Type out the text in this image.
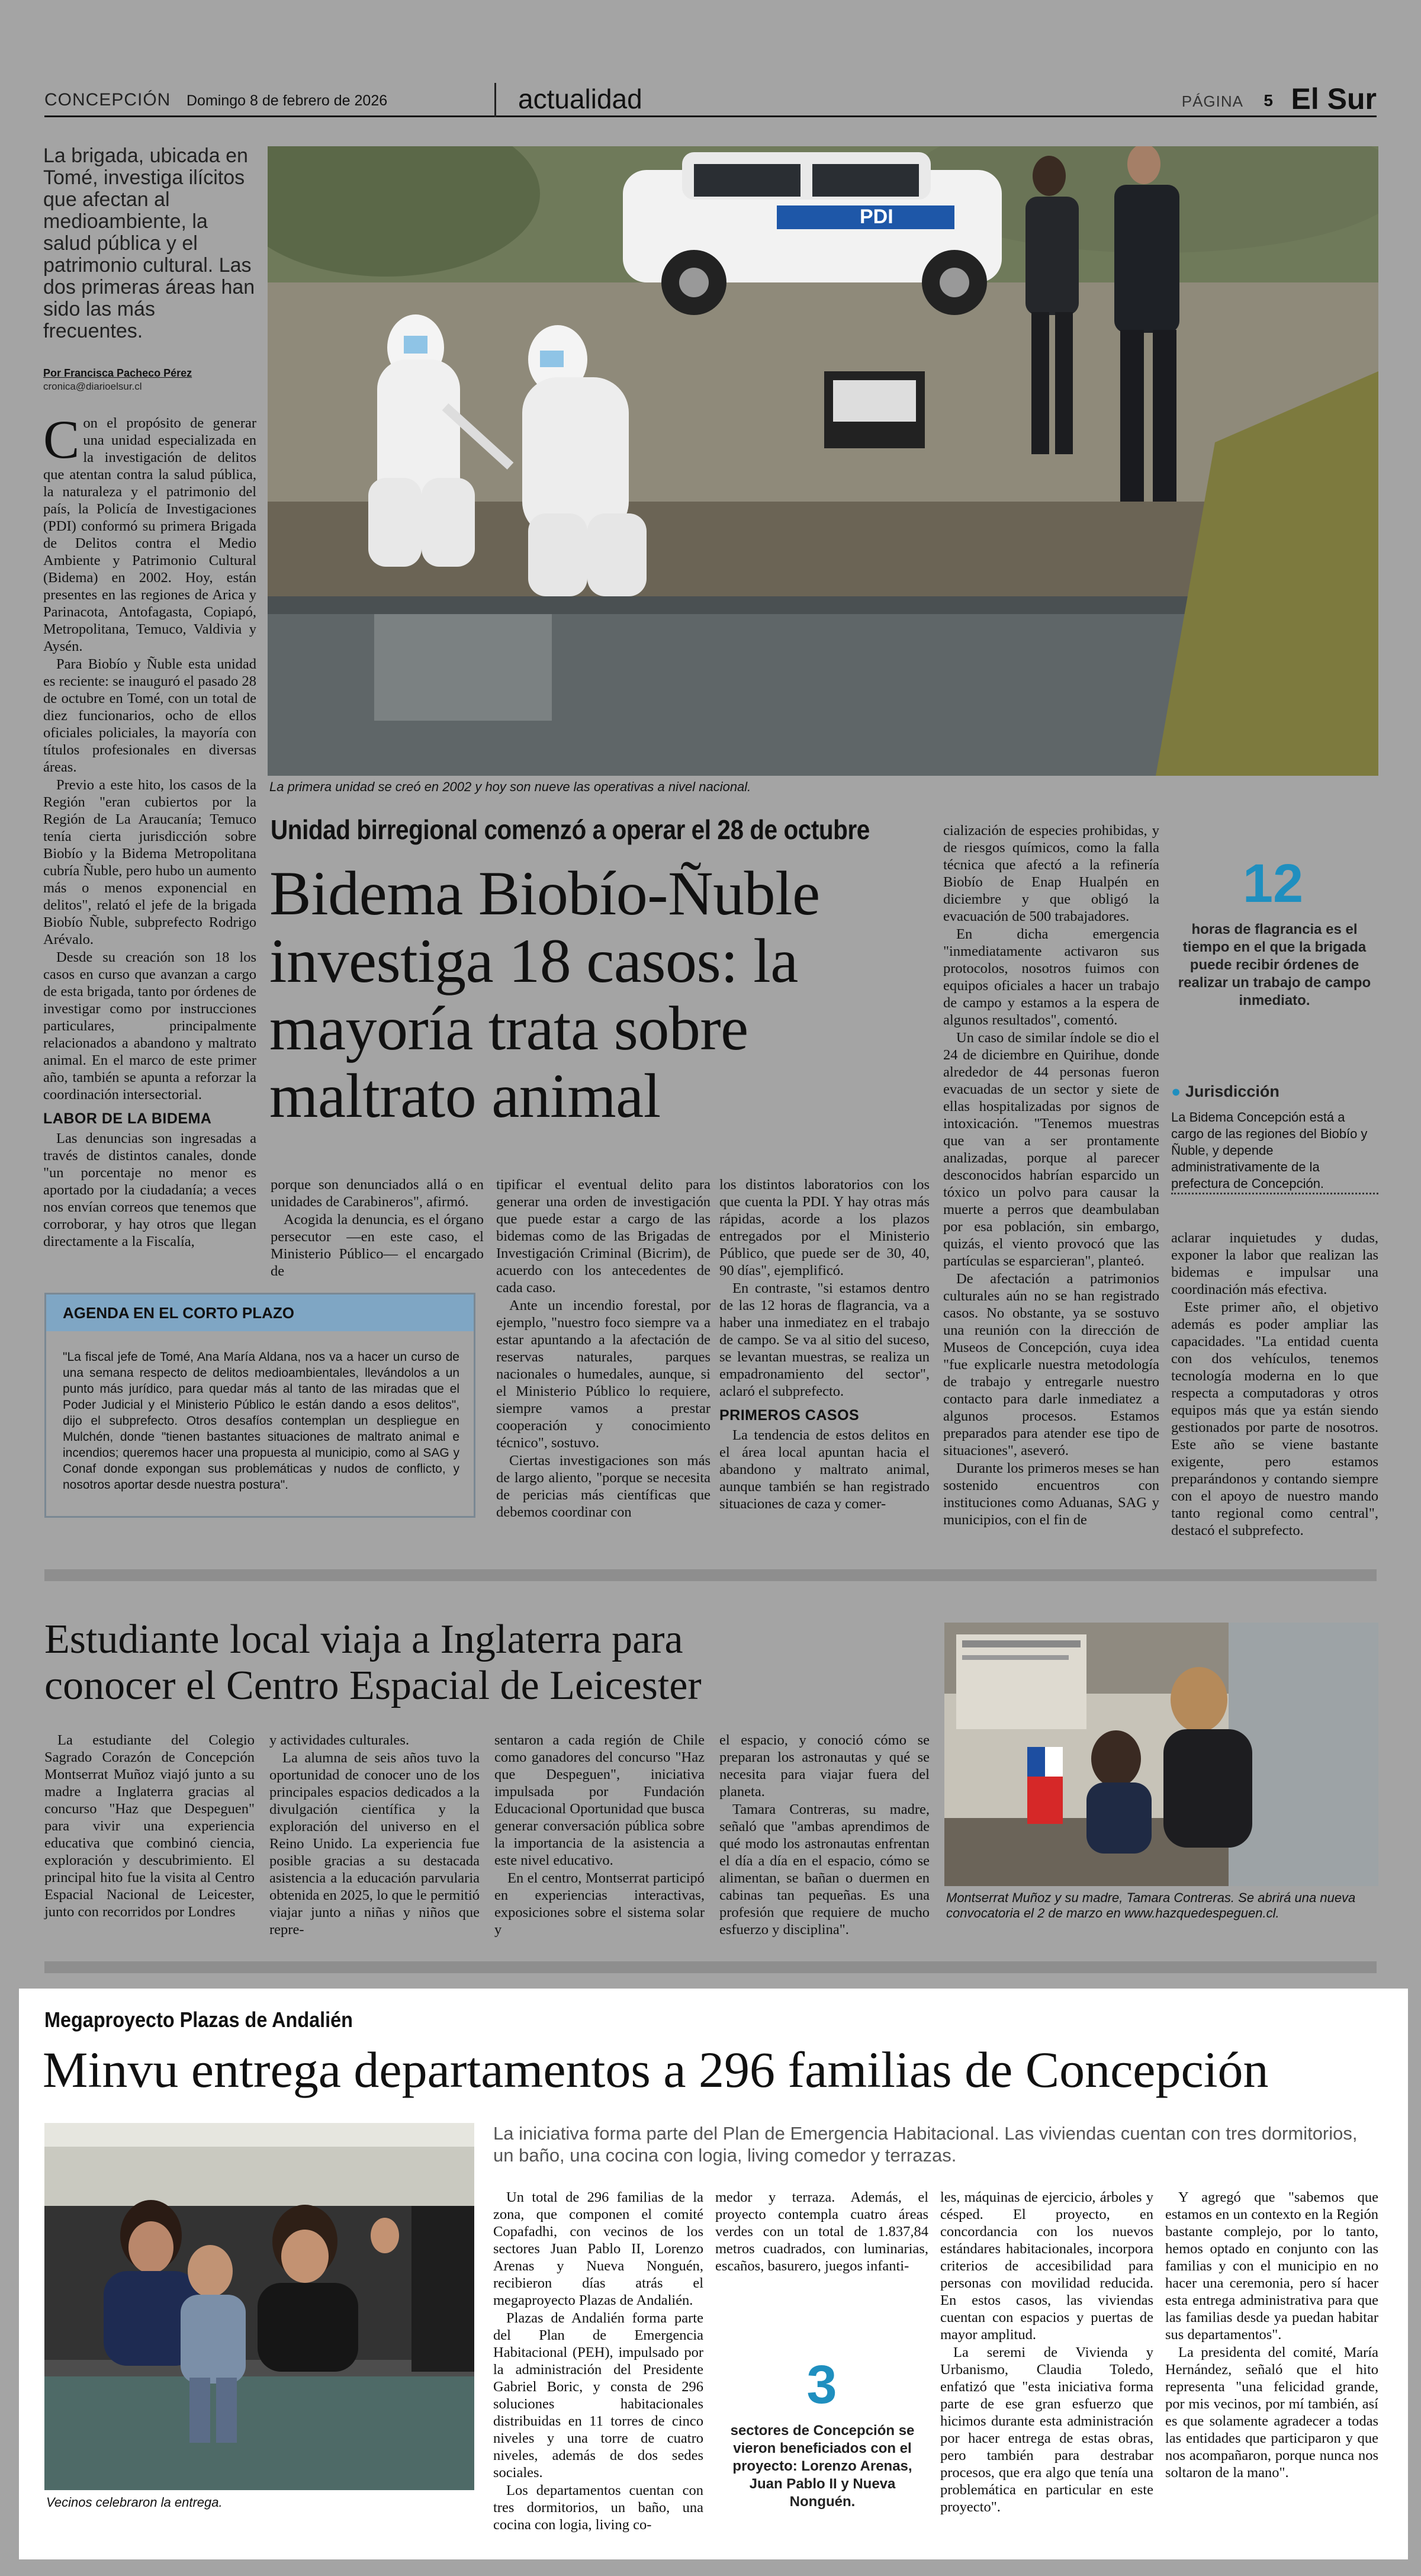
CONCEPCIÓN Domingo 8 de febrero de 2026	actualidad	PÁGINA 5 El Sur
La brigada, ubicada en Tomé, investiga ilícitos que afectan al medioambiente, la salud pública y el patrimonio cultural. Las dos primeras áreas han sido las más frecuentes.
Por Francisca Pacheco Pérez
cronica@diarioelsur.cl
PDI
La primera unidad se creó en 2002 y hoy son nueve las operativas a nivel nacional.

Con el propósito de generar una unidad especializada en la investigación de delitos que atentan contra la salud pública, la naturaleza y el patrimonio del país, la Policía de Investigaciones (PDI) conformó su primera Brigada de Delitos contra el Medio Ambiente y Patrimonio Cultural (Bidema) en 2002. Hoy, están presentes en las regiones de Arica y Parinacota, Antofagasta, Copiapó, Metropolitana, Temuco, Valdivia y Aysén.

Para Biobío y Ñuble esta unidad es reciente: se inauguró el pasado 28 de octubre en Tomé, con un total de diez funcionarios, ocho de ellos oficiales policiales, la mayoría con títulos profesionales en diversas áreas.

Previo a este hito, los casos de la Región "eran cubiertos por la Región de La Araucanía; Temuco tenía cierta jurisdicción sobre Biobío y la Bidema Metropolitana cubría Ñuble, pero hubo un aumento más o menos exponencial en delitos", relató el jefe de la brigada Biobío Ñuble, subprefecto Rodrigo Arévalo.

Desde su creación son 18 los casos en curso que avanzan a cargo de esta brigada, tanto por órdenes de investigar como por instrucciones particulares, principalmente relacionados a abandono y maltrato animal. En el marco de este primer año, también se apunta a reforzar la coordinación intersectorial.

LABOR DE LA BIDEMA

Las denuncias son ingresadas a través de distintos canales, donde "un porcentaje no menor es aportado por la ciudadanía; a veces nos envían correos que tenemos que corroborar, y hay otros que llegan directamente a la Fiscalía,

Unidad birregional comenzó a operar el 28 de octubre
Bidema Biobío-Ñuble investiga 18 casos: la mayoría trata sobre maltrato animal

porque son denunciados allá o en unidades de Carabineros", afirmó.

Acogida la denuncia, es el órgano persecutor —en este caso, el Ministerio Público— el encargado de

tipificar el eventual delito para generar una orden de investigación que puede estar a cargo de las bidemas como de las Brigadas de Investigación Criminal (Bicrim), de acuerdo con los antecedentes de cada caso.

Ante un incendio forestal, por ejemplo, "nuestro foco siempre va a estar apuntando a la afectación de reservas naturales, parques nacionales o humedales, aunque, si el Ministerio Público lo requiere, siempre vamos a prestar cooperación y conocimiento técnico", sostuvo.

Ciertas investigaciones son más de largo aliento, "porque se necesita de pericias más científicas que debemos coordinar con

los distintos laboratorios con los que cuenta la PDI. Y hay otras más rápidas, acorde a los plazos entregados por el Ministerio Público, que puede ser de 30, 40, 90 días", ejemplificó.

En contraste, "si estamos dentro de las 12 horas de flagrancia, va a haber una inmediatez en el trabajo de campo. Se va al sitio del suceso, se levantan muestras, se realiza un empadronamiento del sector", aclaró el subprefecto.

PRIMEROS CASOS

La tendencia de estos delitos en el área local apuntan hacia el abandono y maltrato animal, aunque también se han registrado situaciones de caza y comer-

cialización de especies prohibidas, y de riesgos químicos, como la falla técnica que afectó a la refinería Biobío de Enap Hualpén en diciembre y que obligó la evacuación de 500 trabajadores.

En dicha emergencia "inmediatamente activaron sus protocolos, nosotros fuimos con equipos oficiales a hacer un trabajo de campo y estamos a la espera de algunos resultados", comentó.

Un caso de similar índole se dio el 24 de diciembre en Quirihue, donde alrededor de 44 personas fueron evacuadas de un sector y siete de ellas hospitalizadas por signos de intoxicación. "Tenemos muestras que van a ser prontamente analizadas, porque al parecer desconocidos habrían esparcido un tóxico un polvo para causar la muerte a perros que deambulaban por esa población, sin embargo, quizás, el viento provocó que las partículas se esparcieran", planteó.

De afectación a patrimonios culturales aún no se han registrado casos. No obstante, ya se sostuvo una reunión con la dirección de Museos de Concepción, cuya idea "fue explicarle nuestra metodología de trabajo y entregarle nuestro contacto para darle inmediatez a algunos procesos. Estamos preparados para atender ese tipo de situaciones", aseveró.

Durante los primeros meses se han sostenido encuentros con instituciones como Aduanas, SAG y municipios, con el fin de

12
horas de flagrancia es el tiempo en el que la brigada puede recibir órdenes de realizar un trabajo de campo inmediato.
● Jurisdicción
La Bidema Concepción está a cargo de las regiones del Biobío y Ñuble, y depende administrativamente de la prefectura de Concepción.

aclarar inquietudes y dudas, exponer la labor que realizan las bidemas e impulsar una coordinación más efectiva.

Este primer año, el objetivo además es poder ampliar las capacidades. "La entidad cuenta con dos vehículos, tenemos tecnología moderna en lo que respecta a computadoras y otros equipos más que ya están siendo gestionados por parte de nosotros. Este año se viene bastante exigente, pero estamos preparándonos y contando siempre con el apoyo de nuestro mando tanto regional como central", destacó el subprefecto.

AGENDA EN EL CORTO PLAZO
"La fiscal jefe de Tomé, Ana María Aldana, nos va a hacer un curso de una semana respecto de delitos medioambientales, llevándolos a un punto más jurídico, para quedar más al tanto de las miradas que el Poder Judicial y el Ministerio Público le están dando a esos delitos", dijo el subprefecto. Otros desafíos contemplan un despliegue en Mulchén, donde "tienen bastantes situaciones de maltrato animal e incendios; queremos hacer una propuesta al municipio, como al SAG y Conaf donde expongan sus problemáticas y nudos de conflicto, y nosotros aportar desde nuestra postura".
Estudiante local viaja a Inglaterra para
conocer el Centro Espacial de Leicester

La estudiante del Colegio Sagrado Corazón de Concepción Montserrat Muñoz viajó junto a su madre a Inglaterra gracias al concurso "Haz que Despeguen" para vivir una experiencia educativa que combinó ciencia, exploración y descubrimiento. El principal hito fue la visita al Centro Espacial Nacional de Leicester, junto con recorridos por Londres

y actividades culturales.

La alumna de seis años tuvo la oportunidad de conocer uno de los principales espacios dedicados a la divulgación científica y la exploración del universo en el Reino Unido. La experiencia fue posible gracias a su destacada asistencia a la educación parvularia obtenida en 2025, lo que le permitió viajar junto a niñas y niños que repre-

sentaron a cada región de Chile como ganadores del concurso "Haz que Despeguen", iniciativa impulsada por Fundación Educacional Oportunidad que busca generar conversación pública sobre la importancia de la asistencia a este nivel educativo.

En el centro, Montserrat participó en experiencias interactivas, exposiciones sobre el sistema solar y

el espacio, y conoció cómo se preparan los astronautas y qué se necesita para viajar fuera del planeta.

Tamara Contreras, su madre, señaló que "ambas aprendimos de qué modo los astronautas enfrentan el día a día en el espacio, cómo se alimentan, se bañan o duermen en cabinas tan pequeñas. Es una profesión que requiere de mucho esfuerzo y disciplina".

Montserrat Muñoz y su madre, Tamara Contreras. Se abrirá una nueva convocatoria el 2 de marzo en www.hazquedespeguen.cl.
Megaproyecto Plazas de Andalién
Minvu entrega departamentos a 296 familias de Concepción
La iniciativa forma parte del Plan de Emergencia Habitacional. Las viviendas cuentan con tres dormitorios, un baño, una cocina con logia, living comedor y terrazas.
Vecinos celebraron la entrega.

Un total de 296 familias de la zona, que componen el comité Copafadhi, con vecinos de los sectores Juan Pablo II, Lorenzo Arenas y Nueva Nonguén, recibieron días atrás el megaproyecto Plazas de Andalién.

Plazas de Andalién forma parte del Plan de Emergencia Habitacional (PEH), impulsado por la administración del Presidente Gabriel Boric, y consta de 296 soluciones habitacionales distribuidas en 11 torres de cinco niveles y una torre de cuatro niveles, además de dos sedes sociales.

Los departamentos cuentan con tres dormitorios, un baño, una cocina con logia, living co-

medor y terraza. Además, el proyecto contempla cuatro áreas verdes con un total de 1.837,84 metros cuadrados, con luminarias, escaños, basurero, juegos infanti-

3
sectores de Concepción se vieron beneficiados con el proyecto: Lorenzo Arenas, Juan Pablo II y Nueva Nonguén.

les, máquinas de ejercicio, árboles y césped. El proyecto, en concordancia con los nuevos estándares habitacionales, incorpora criterios de accesibilidad para personas con movilidad reducida. En estos casos, las viviendas cuentan con espacios y puertas de mayor amplitud.

La seremi de Vivienda y Urbanismo, Claudia Toledo, enfatizó que "esta iniciativa forma parte de ese gran esfuerzo que hicimos durante esta administración por hacer entrega de estas obras, pero también para destrabar procesos, que era algo que tenía una problemática en particular en este proyecto".

Y agregó que "sabemos que estamos en un contexto en la Región bastante complejo, por lo tanto, hemos optado en conjunto con las familias y con el municipio en no hacer una ceremonia, pero sí hacer esta entrega administrativa para que las familias desde ya puedan habitar sus departamentos".

La presidenta del comité, María Hernández, señaló que el hito representa "una felicidad grande, por mis vecinos, por mí también, así es que solamente agradecer a todas las entidades que participaron y que nos acompañaron, porque nunca nos soltaron de la mano".
